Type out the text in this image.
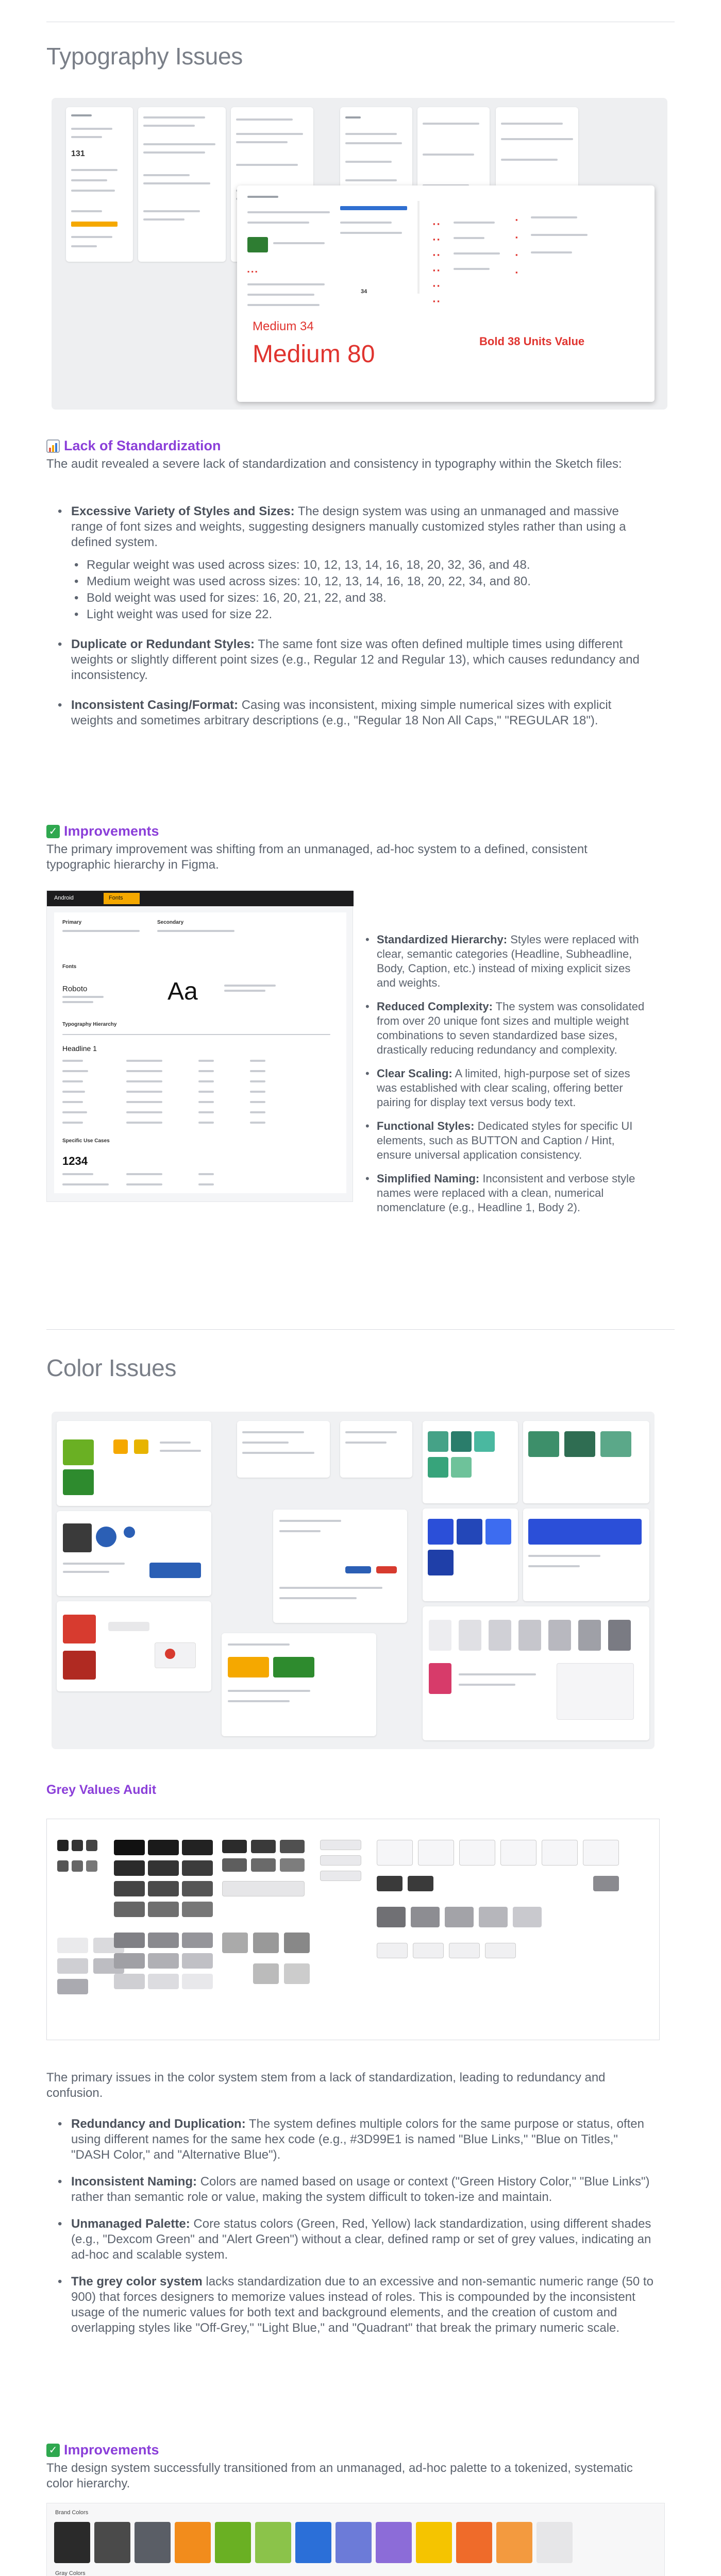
Typography Issues
131
▪ ▪ ▪
▪ ▪
▪ ▪
▪ ▪
▪ ▪
▪ ▪
▪ ▪
▪
▪
▪
▪
Medium 34
Medium 80	Bold 38 Units Value
34
Lack of Standardization
The audit revealed a severe lack of standardization and consistency in typography within the Sketch files:
• Excessive Variety of Styles and Sizes: The design system was using an unmanaged and massive range of font sizes and weights, suggesting designers manually customized styles rather than using a defined system.
• Regular weight was used across sizes: 10, 12, 13, 14, 16, 18, 20, 32, 36, and 48.
• Medium weight was used across sizes: 10, 12, 13, 14, 16, 18, 20, 22, 34, and 80.
• Bold weight was used for sizes: 16, 20, 21, 22, and 38.
• Light weight was used for size 22.
• Duplicate or Redundant Styles: The same font size was often defined multiple times using different weights or slightly different point sizes (e.g., Regular 12 and Regular 13), which causes redundancy and inconsistency.
• Inconsistent Casing/Format: Casing was inconsistent, mixing simple numerical sizes with explicit weights and sometimes arbitrary descriptions (e.g., "Regular 18 Non All Caps," "REGULAR 18").
✓ Improvements
The primary improvement was shifting from an unmanaged, ad-hoc system to a defined, consistent typographic hierarchy in Figma.
Android	Fonts
Primary	Secondary
Fonts
Roboto	Aa
Typography Hierarchy
Headline 1
Specific Use Cases
1234
• Standardized Hierarchy: Styles were replaced with clear, semantic categories (Headline, Subheadline, Body, Caption, etc.) instead of mixing explicit sizes and weights.
• Reduced Complexity: The system was consolidated from over 20 unique font sizes and multiple weight combinations to seven standardized base sizes, drastically reducing redundancy and complexity.
• Clear Scaling: A limited, high-purpose set of sizes was established with clear scaling, offering better pairing for display text versus body text.
• Functional Styles: Dedicated styles for specific UI elements, such as BUTTON and Caption / Hint, ensure universal application consistency.
• Simplified Naming: Inconsistent and verbose style names were replaced with a clean, numerical nomenclature (e.g., Headline 1, Body 2).
Color Issues
Grey Values Audit
The primary issues in the color system stem from a lack of standardization, leading to redundancy and confusion.
• Redundancy and Duplication: The system defines multiple colors for the same purpose or status, often using different names for the same hex code (e.g., #3D99E1 is named "Blue Links," "Blue on Titles," "DASH Color," and "Alternative Blue").
• Inconsistent Naming: Colors are named based on usage or context ("Green History Color," "Blue Links") rather than semantic role or value, making the system difficult to token-ize and maintain.
• Unmanaged Palette: Core status colors (Green, Red, Yellow) lack standardization, using different shades (e.g., "Dexcom Green" and "Alert Green") without a clear, defined ramp or set of grey values, indicating an ad-hoc and scalable system.
• The grey color system lacks standardization due to an excessive and non-semantic numeric range (50 to 900) that forces designers to memorize values instead of roles. This is compounded by the inconsistent usage of the numeric values for both text and background elements, and the creation of custom and overlapping styles like "Off-Grey," "Light Blue," and "Quadrant" that break the primary numeric scale.
✓ Improvements
The design system successfully transitioned from an unmanaged, ad-hoc palette to a tokenized, systematic color hierarchy.
Brand Colors
Gray Colors
